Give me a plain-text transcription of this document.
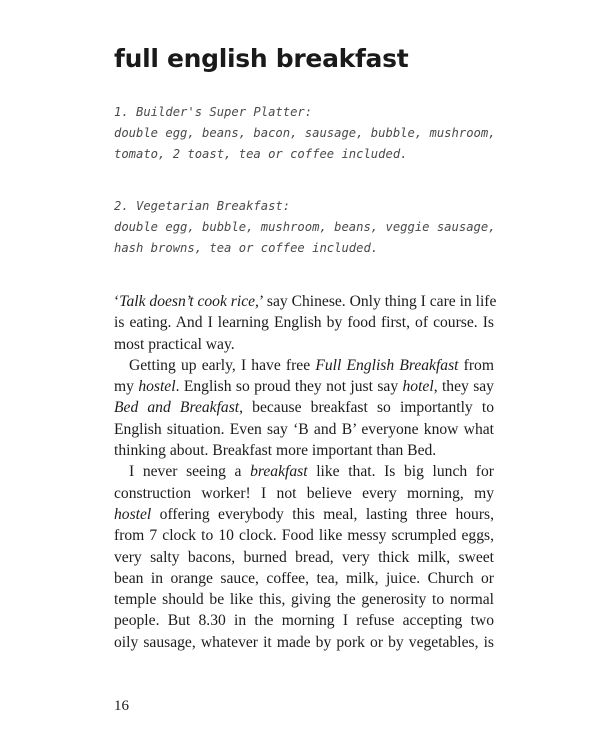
full english breakfast
1. Builder's Super Platter:
double egg, beans, bacon, sausage, bubble, mushroom,
tomato, 2 toast, tea or coffee included.
2. Vegetarian Breakfast:
double egg, bubble, mushroom, beans, veggie sausage,
hash browns, tea or coffee included.
‘Talk doesn’t cook rice,’ say Chinese. Only thing I care in life
is eating. And I learning English by food first, of course. Is
most practical way.
Getting up early, I have free Full English Breakfast from
my hostel. English so proud they not just say hotel, they say
Bed and Breakfast, because breakfast so importantly to
English situation. Even say ‘B and B’ everyone know what
thinking about. Breakfast more important than Bed.
I never seeing a breakfast like that. Is big lunch for
construction worker! I not believe every morning, my
hostel offering everybody this meal, lasting three hours,
from 7 clock to 10 clock. Food like messy scrumpled eggs,
very salty bacons, burned bread, very thick milk, sweet
bean in orange sauce, coffee, tea, milk, juice. Church or
temple should be like this, giving the generosity to normal
people. But 8.30 in the morning I refuse accepting two
oily sausage, whatever it made by pork or by vegetables, is
16
